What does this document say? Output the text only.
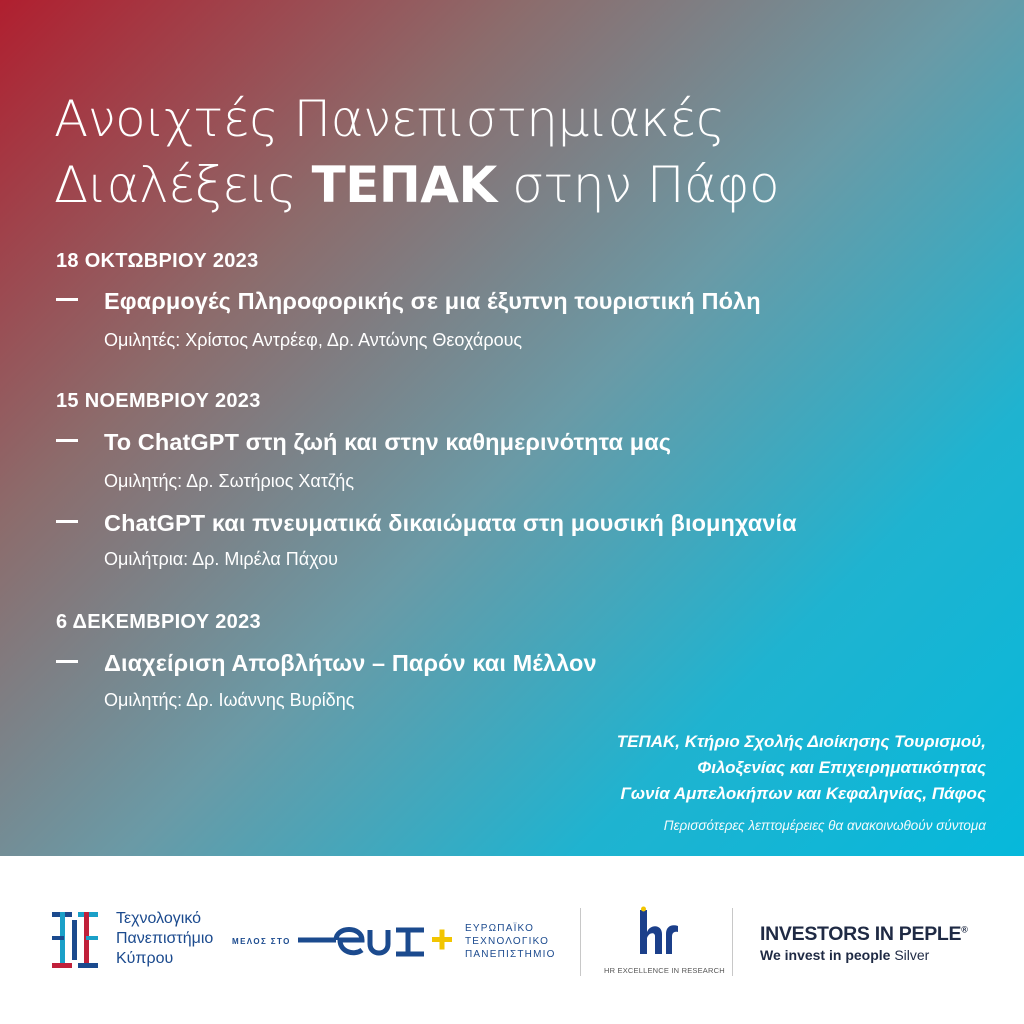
Ανοιχτές Πανεπιστημιακές
Διαλέξεις ΤΕΠΑΚ στην Πάφο
18 ΟΚΤΩΒΡΙΟΥ 2023
Εφαρμογές Πληροφορικής σε μια έξυπνη τουριστική Πόλη
Ομιλητές: Χρίστος Αντρέεφ, Δρ. Αντώνης Θεοχάρους
15 ΝΟΕΜΒΡΙΟΥ 2023
Το ChatGPT στη ζωή και στην καθημερινότητα μας
Ομιλητής: Δρ. Σωτήριος Χατζής
ChatGPT και πνευματικά δικαιώματα στη μουσική βιομηχανία
Ομιλήτρια: Δρ. Μιρέλα Πάχου
6 ΔΕΚΕΜΒΡΙΟΥ 2023
Διαχείριση Αποβλήτων – Παρόν και Μέλλον
Ομιλητής: Δρ. Ιωάννης Βυρίδης
ΤΕΠΑΚ, Κτήριο Σχολής Διοίκησης Τουρισμού,
Φιλοξενίας και Επιχειρηματικότητας
Γωνία Αμπελοκήπων και Κεφαληνίας, Πάφος
Περισσότερες λεπτομέρειες θα ανακοινωθούν σύντομα
Τεχνολογικό
Πανεπιστήμιο
Κύπρου
ΜΕΛΟΣ ΣΤΟ
ΕΥΡΩΠΑΪΚΟ
ΤΕΧΝΟΛΟΓΙΚΟ
ΠΑΝΕΠΙΣΤΗΜΙΟ
HR EXCELLENCE IN RESEARCH
INVESTORS IN PEPLE®
We invest in people Silver
